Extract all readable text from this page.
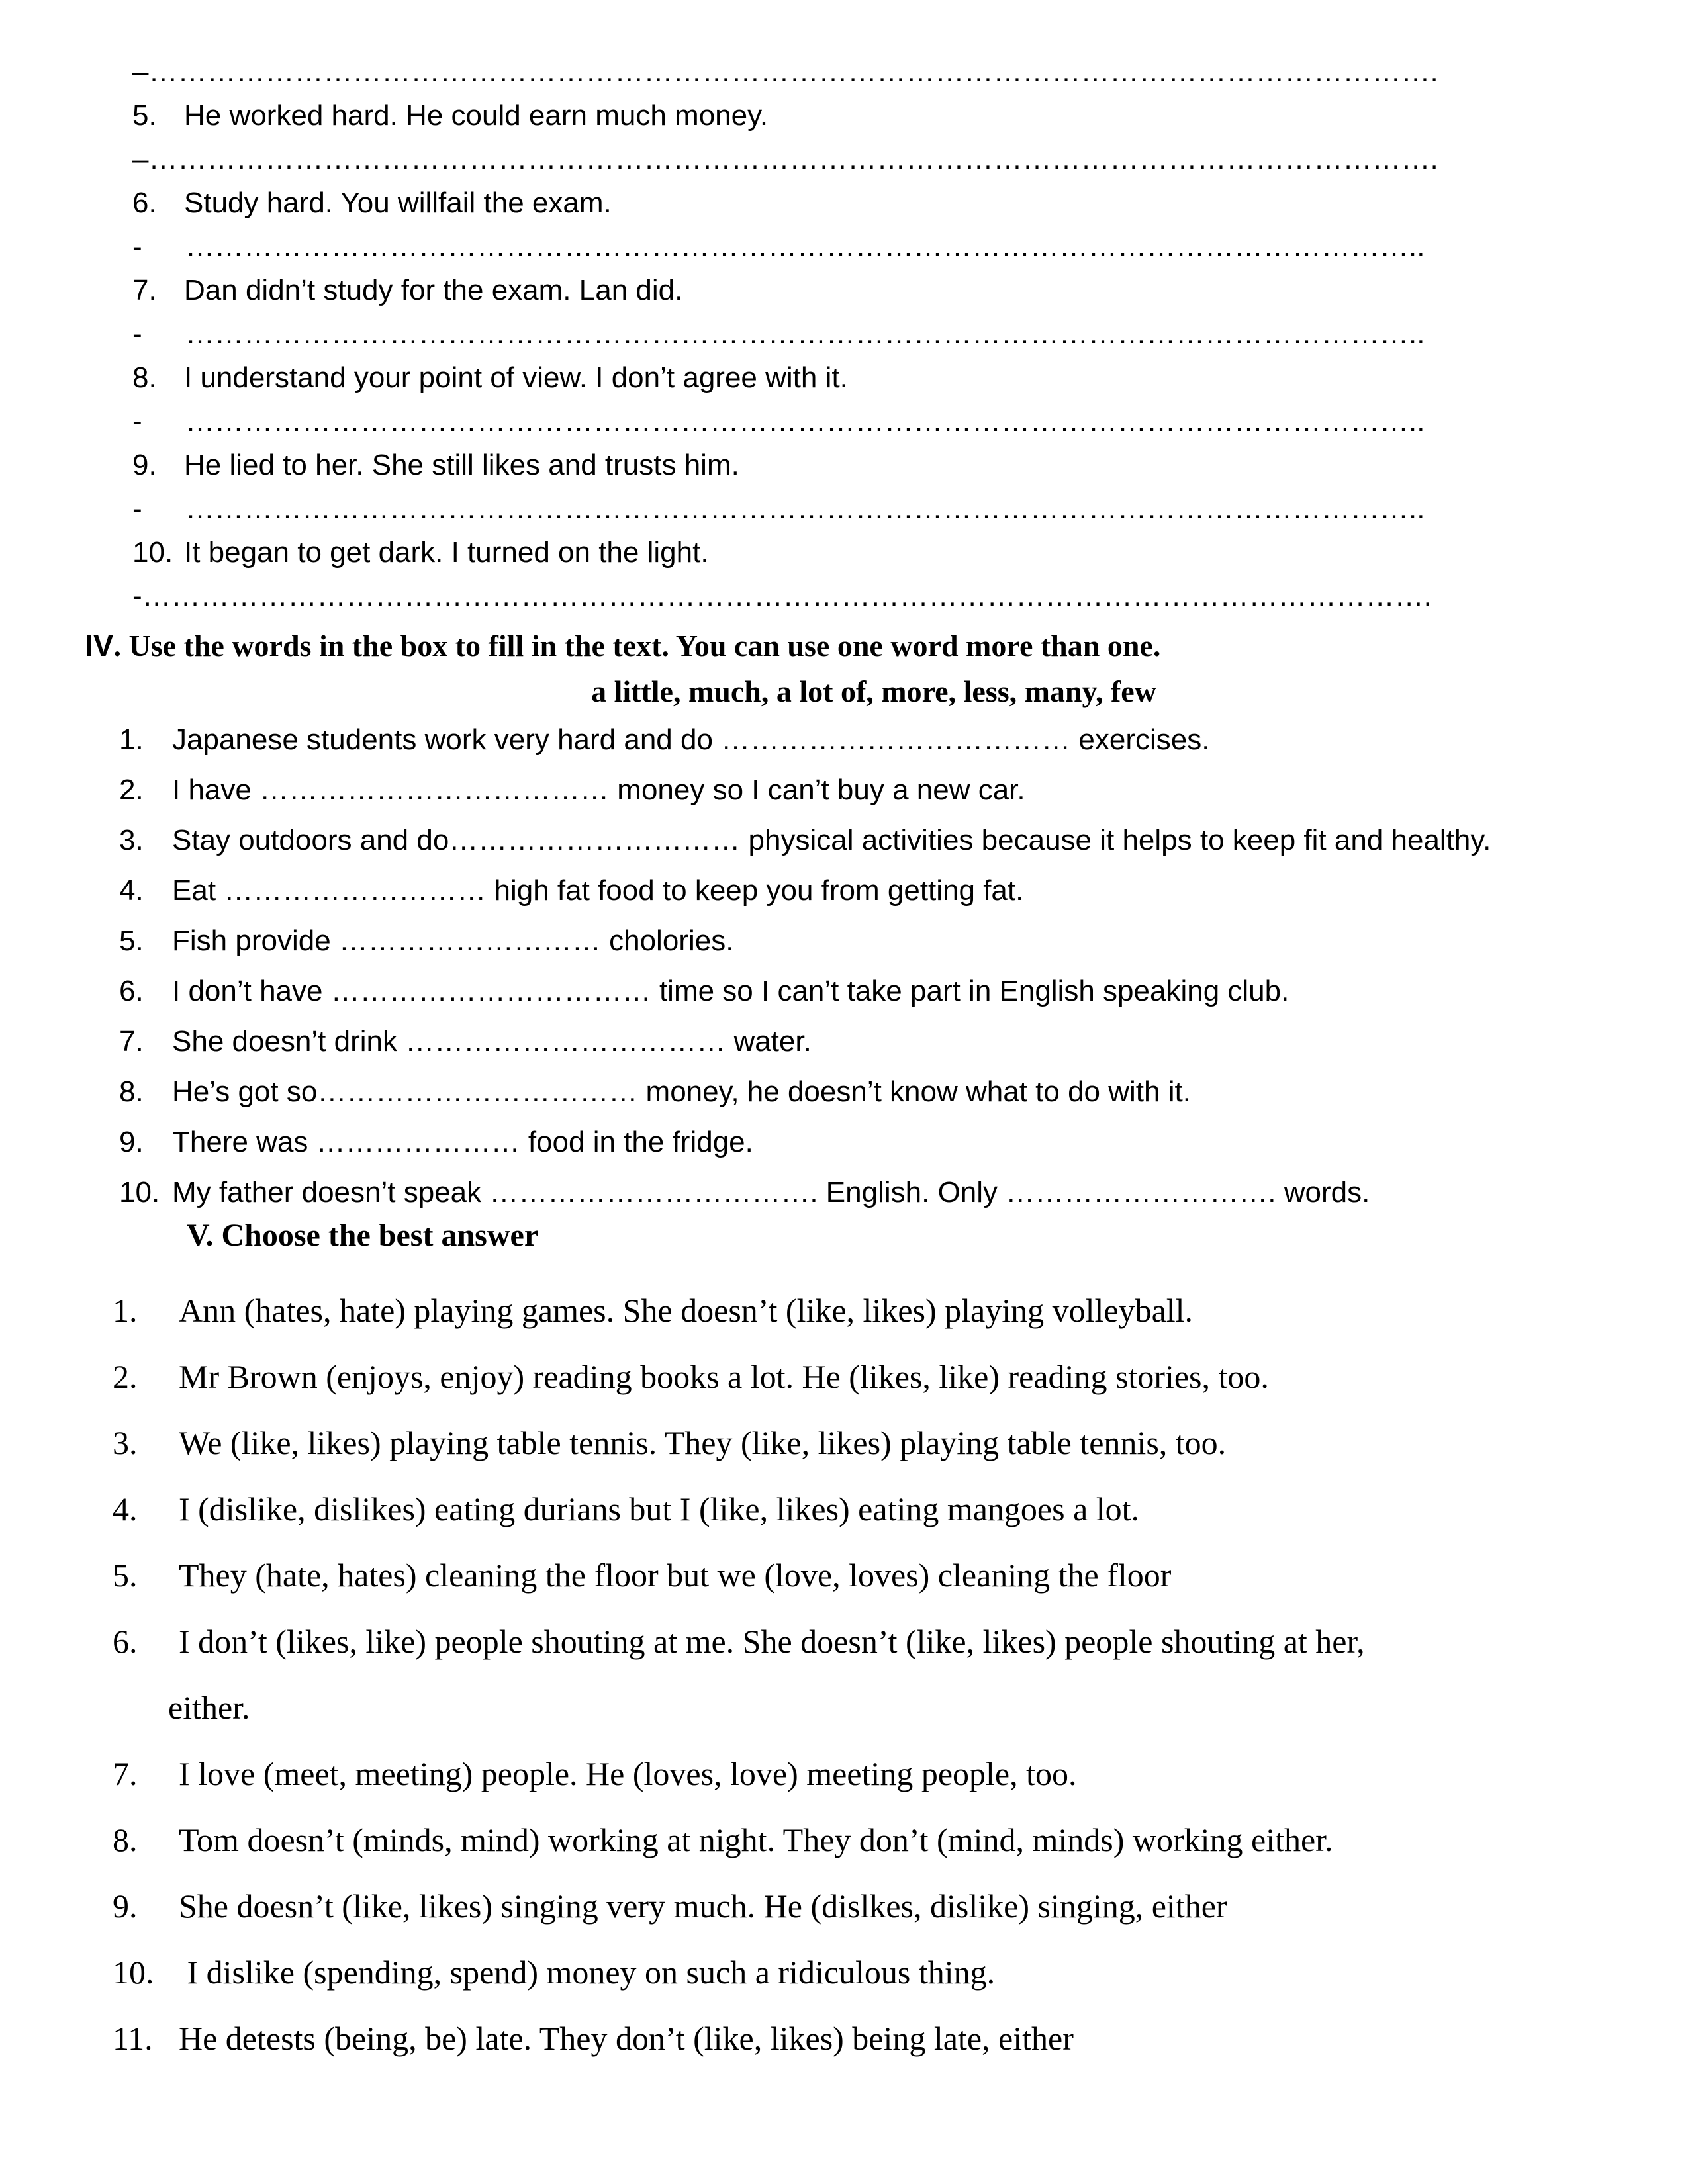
–…………………………………………………………………………………………………………………….
5. He worked hard. He could earn much money.
–…………………………………………………………………………………………………………………….
6. Study hard. You willfail the exam.
- ………………………………………………………………………………………………………………..
7. Dan didn’t study for the exam. Lan did.
- ………………………………………………………………………………………………………………..
8. I understand your point of view. I don’t agree with it.
- ………………………………………………………………………………………………………………..
9. He lied to her. She still likes and trusts him.
- ………………………………………………………………………………………………………………..
10. It began to get dark. I turned on the light.
-…………………………………………………………………………………………………………………….
IV. Use the words in the box to fill in the text. You can use one word more than one.
a little, much, a lot of, more, less, many, few
1. Japanese students work very hard and do ……………………………… exercises.
2. I have ……………………………… money so I can’t buy a new car.
3. Stay outdoors and do………………………… physical activities because it helps to keep fit and healthy.
4. Eat ……………………… high fat food to keep you from getting fat.
5. Fish provide ……………………… cholories.
6. I don’t have …………………………… time so I can’t take part in English speaking club.
7. She doesn’t drink …………………………… water.
8. He’s got so…………………………… money, he doesn’t know what to do with it.
9. There was ………………… food in the fridge.
10. My father doesn’t speak ……………………………. English. Only ………………………. words.
V. Choose the best answer
1. Ann (hates, hate) playing games. She doesn’t (like, likes) playing volleyball.
2. Mr Brown (enjoys, enjoy) reading books a lot. He (likes, like) reading stories, too.
3. We (like, likes) playing table tennis. They (like, likes) playing table tennis, too.
4. I (dislike, dislikes) eating durians but I (like, likes) eating mangoes a lot.
5. They (hate, hates) cleaning the floor but we (love, loves) cleaning the floor
6. I don’t (likes, like) people shouting at me. She doesn’t (like, likes) people shouting at her,
either.
7. I love (meet, meeting) people. He (loves, love) meeting people, too.
8. Tom doesn’t (minds, mind) working at night. They don’t (mind, minds) working either.
9. She doesn’t (like, likes) singing very much. He (dislkes, dislike) singing, either
10. I dislike (spending, spend) money on such a ridiculous thing.
11. He detests (being, be) late. They don’t (like, likes) being late, either
